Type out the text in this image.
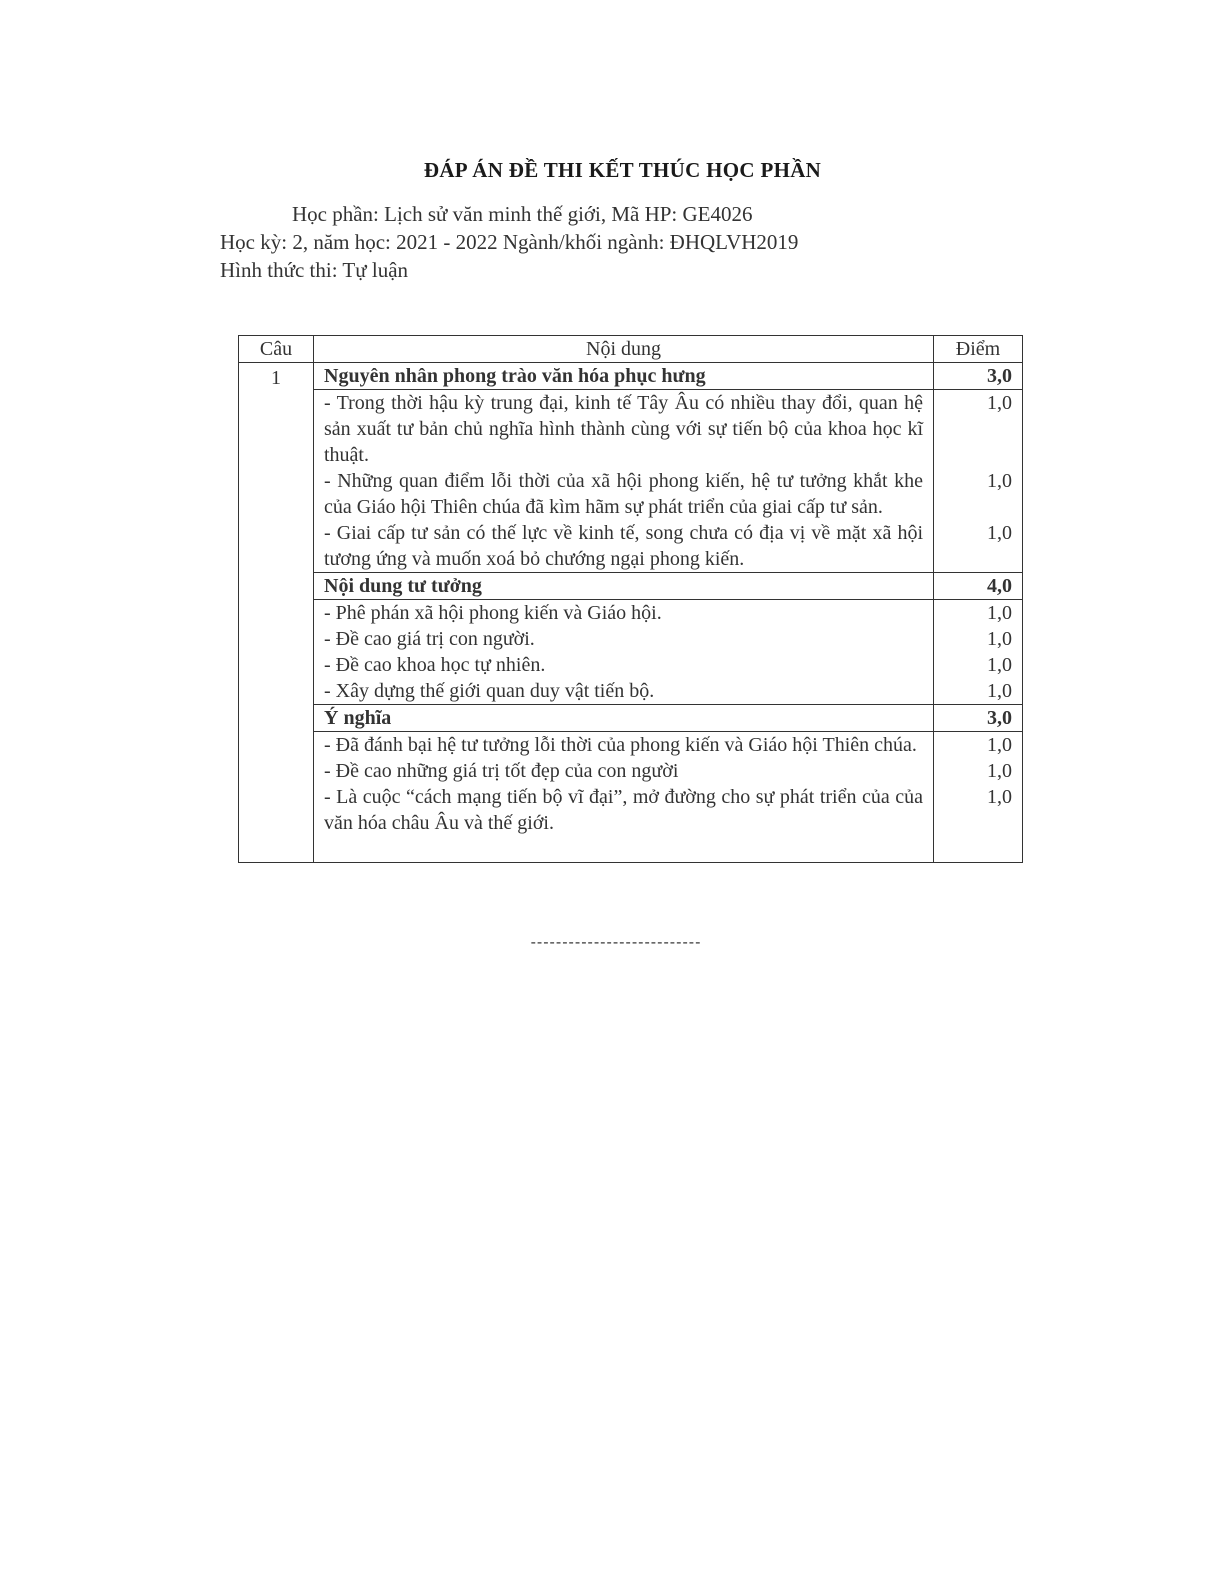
ĐÁP ÁN ĐỀ THI KẾT THÚC HỌC PHẦN
Học phần: Lịch sử văn minh thế giới, Mã HP: GE4026
Học kỳ: 2, năm học: 2021 - 2022 Ngành/khối ngành: ĐHQLVH2019
Hình thức thi: Tự luận
Câu	Nội dung	Điểm
1	Nguyên nhân phong trào văn hóa phục hưng	3,0
	- Trong thời hậu kỳ trung đại, kinh tế Tây Âu có nhiều thay đổi, quan hệ sản xuất tư bản chủ nghĩa hình thành cùng với sự tiến bộ của khoa học kĩ thuật.	1,0
	- Những quan điểm lỗi thời của xã hội phong kiến, hệ tư tưởng khắt khe của Giáo hội Thiên chúa đã kìm hãm sự phát triển của giai cấp tư sản.	1,0
	- Giai cấp tư sản có thế lực về kinh tế, song chưa có địa vị về mặt xã hội tương ứng và muốn xoá bỏ chướng ngại phong kiến.	1,0
	Nội dung tư tưởng	4,0
	- Phê phán xã hội phong kiến và Giáo hội.	1,0
	- Đề cao giá trị con người.	1,0
	- Đề cao khoa học tự nhiên.	1,0
	- Xây dựng thế giới quan duy vật tiến bộ.	1,0
	Ý nghĩa	3,0
	- Đã đánh bại hệ tư tưởng lỗi thời của phong kiến và Giáo hội Thiên chúa.	1,0
	- Đề cao những giá trị tốt đẹp của con người	1,0
	- Là cuộc “cách mạng tiến bộ vĩ đại”, mở đường cho sự phát triển của của văn hóa châu Âu và thế giới.	1,0
---------------------------
